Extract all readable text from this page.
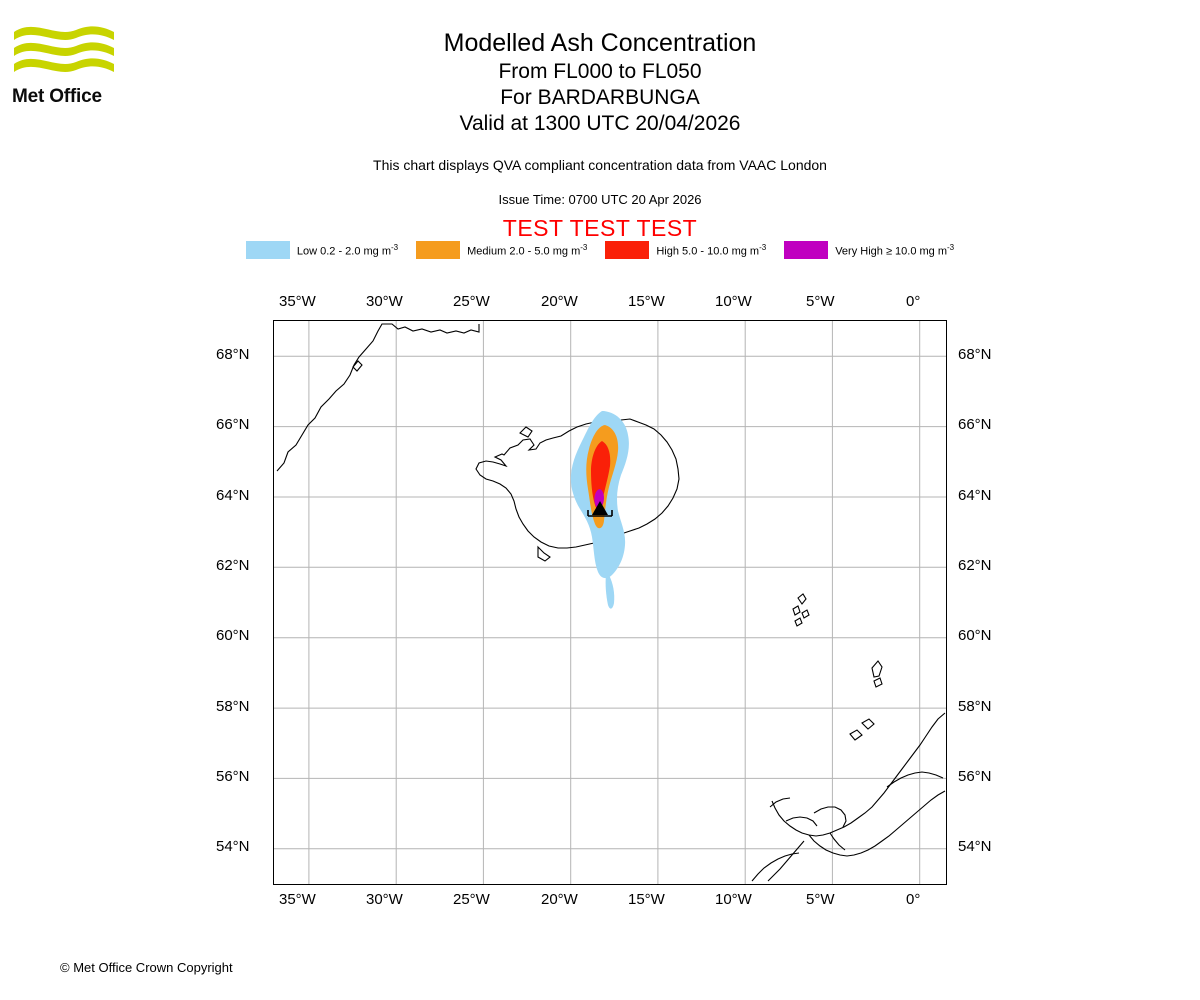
Met Office
Modelled Ash Concentration
From FL000 to FL050
For BARDARBUNGA
Valid at 1300 UTC 20/04/2026
This chart displays QVA compliant concentration data from VAAC London
Issue Time: 0700 UTC 20 Apr 2026
TEST TEST TEST
Low 0.2 - 2.0 mg $m^{-3}$	Medium 2.0 - 5.0 mg $m^{-3}$	High 5.0 - 10.0 mg $m^{-3}$	Very High ≥ 10.0 mg $m^{-3}$
35°W	30°W	25°W	20°W	15°W	10°W	5°W	0°
35°W	30°W	25°W	20°W	15°W	10°W	5°W	0°
68°N
66°N
64°N
62°N
60°N
58°N
56°N
54°N
68°N
66°N
64°N
62°N
60°N
58°N
56°N
54°N
© Met Office Crown Copyright
